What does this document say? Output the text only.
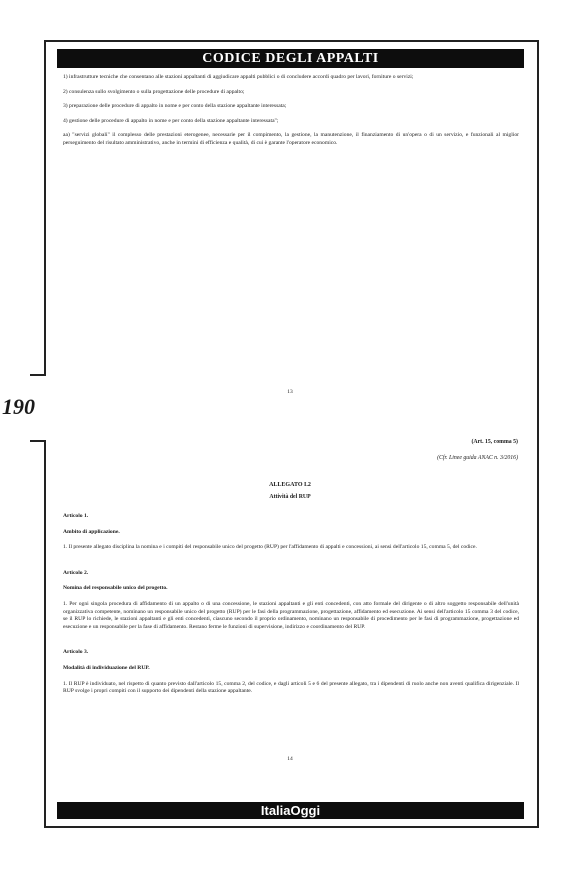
CODICE DEGLI APPALTI
190

1) infrastrutture tecniche che consentano alle stazioni appaltanti di aggiudicare appalti pubblici o di concludere accordi quadro per lavori, forniture o servizi;

2) consulenza sullo svolgimento o sulla progettazione delle procedure di appalto;

3) preparazione delle procedure di appalto in nome e per conto della stazione appaltante interessata;

4) gestione delle procedure di appalto in nome e per conto della stazione appaltante interessata";

aa) "servizi globali" il complesso delle prestazioni eterogenee, necessarie per il compimento, la gestione, la manutenzione, il finanziamento di un'opera o di un servizio, e funzionali al miglior perseguimento del risultato amministrativo, anche in termini di efficienza e qualità, di cui è garante l'operatore economico.

13
(Art. 15, comma 5)
(Cfr. Linee guida ANAC n. 3/2016)
ALLEGATO I.2
Attività del RUP

Articolo 1.

Ambito di applicazione.

1. Il presente allegato disciplina la nomina e i compiti del responsabile unico del progetto (RUP) per l'affidamento di appalti e concessioni, ai sensi dell'articolo 15, comma 5, del codice.

Articolo 2.

Nomina del responsabile unico del progetto.

1. Per ogni singola procedura di affidamento di un appalto o di una concessione, le stazioni appaltanti e gli enti concedenti, con atto formale del dirigente o di altro soggetto responsabile dell'unità organizzativa competente, nominano un responsabile unico del progetto (RUP) per le fasi della programmazione, progettazione, affidamento ed esecuzione. Ai sensi dell'articolo 15 comma 3 del codice, se il RUP lo richiede, le stazioni appaltanti e gli enti concedenti, ciascuno secondo il proprio ordinamento, nominano un responsabile di procedimento per le fasi di programmazione, progettazione ed esecuzione e un responsabile per la fase di affidamento. Restano ferme le funzioni di supervisione, indirizzo e coordinamento del RUP.

Articolo 3.

Modalità di individuazione del RUP.

1. Il RUP è individuato, nel rispetto di quanto previsto dall'articolo 15, comma 2, del codice, e dagli articoli 5 e 6 del presente allegato, tra i dipendenti di ruolo anche non aventi qualifica dirigenziale. Il RUP svolge i propri compiti con il supporto dei dipendenti della stazione appaltante.

14
ItaliaOggi
